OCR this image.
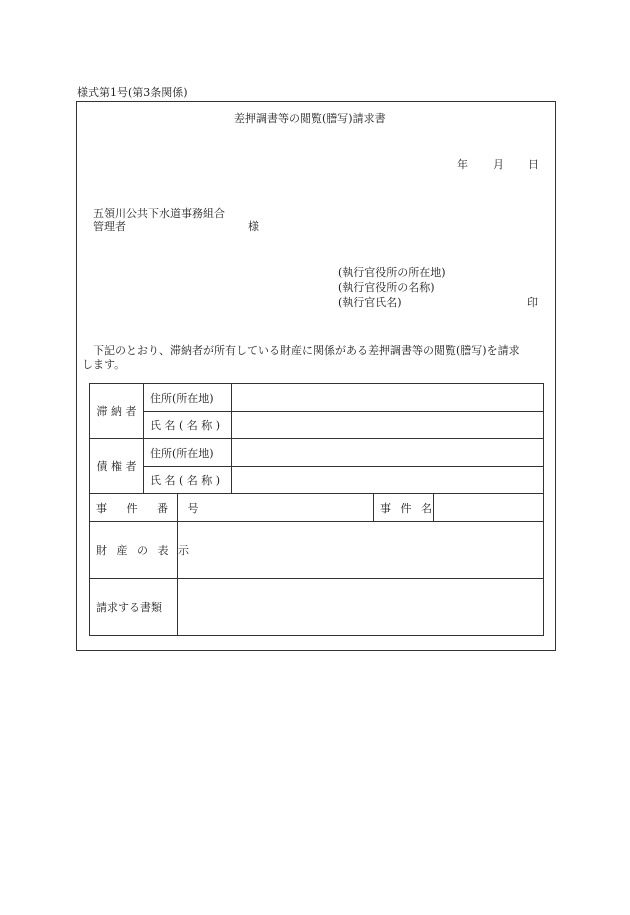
様式第1号(第3条関係)
差押調書等の閲覧(謄写)請求書
年 月 日
五領川公共下水道事務組合
管理者	様
(執行官役所の所在地)
(執行官役所の名称)
(執行官氏名)	印
下記のとおり、滞納者が所有している財産に関係がある差押調書等の閲覧(謄写)を請求
します。
滞 納 者	住所(所在地)				
	氏 名 ( 名 称 )				
債 権 者	住所(所在地)				
	氏 名 ( 名 称 )				
事 件 番 号				事 件 名	
財 産 の 表 示					
請求する書類					
